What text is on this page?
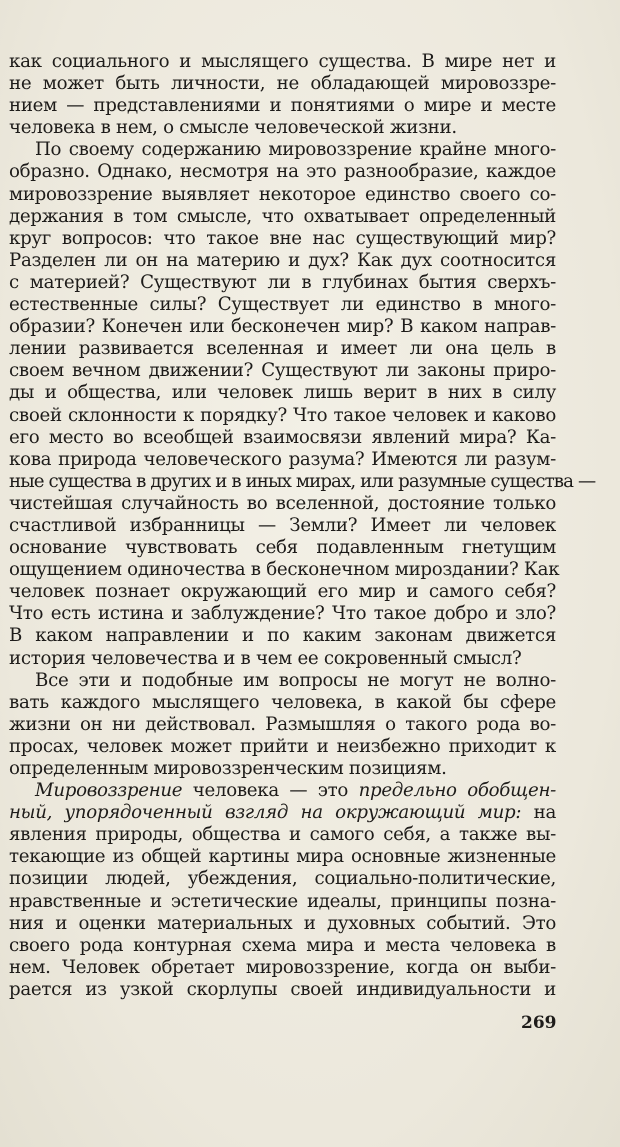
как социального и мыслящего существа. В мире нет и
не может быть личности, не обладающей мировоззре-
нием — представлениями и понятиями о мире и месте
человека в нем, о смысле человеческой жизни.
По своему содержанию мировоззрение крайне много-
образно. Однако, несмотря на это разнообразие, каждое
мировоззрение выявляет некоторое единство своего со-
держания в том смысле, что охватывает определенный
круг вопросов: что такое вне нас существующий мир?
Разделен ли он на материю и дух? Как дух соотносится
с материей? Существуют ли в глубинах бытия сверхъ-
естественные силы? Существует ли единство в много-
образии? Конечен или бесконечен мир? В каком направ-
лении развивается вселенная и имеет ли она цель в
своем вечном движении? Существуют ли законы приро-
ды и общества, или человек лишь верит в них в силу
своей склонности к порядку? Что такое человек и каково
его место во всеобщей взаимосвязи явлений мира? Ка-
кова природа человеческого разума? Имеются ли разум-
ные существа в других и в иных мирах, или разумные существа —
чистейшая случайность во вселенной, достояние только
счастливой избранницы — Земли? Имеет ли человек
основание чувствовать себя подавленным гнетущим
ощущением одиночества в бесконечном мироздании? Как
человек познает окружающий его мир и самого себя?
Что есть истина и заблуждение? Что такое добро и зло?
В каком направлении и по каким законам движется
история человечества и в чем ее сокровенный смысл?
Все эти и подобные им вопросы не могут не волно-
вать каждого мыслящего человека, в какой бы сфере
жизни он ни действовал. Размышляя о такого рода во-
просах, человек может прийти и неизбежно приходит к
определенным мировоззренческим позициям.
Мировоззрение человека — это предельно обобщен-
ный, упорядоченный взгляд на окружающий мир: на
явления природы, общества и самого себя, а также вы-
текающие из общей картины мира основные жизненные
позиции людей, убеждения, социально-политические,
нравственные и эстетические идеалы, принципы позна-
ния и оценки материальных и духовных событий. Это
своего рода контурная схема мира и места человека в
нем. Человек обретает мировоззрение, когда он выби-
рается из узкой скорлупы своей индивидуальности и
269
